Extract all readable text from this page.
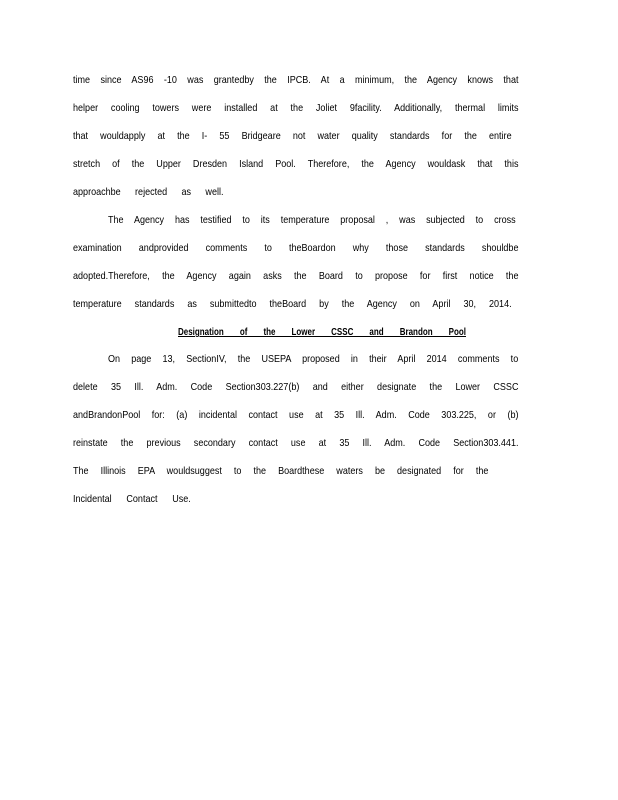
time since AS96 -10 was grantedby the IPCB. At a minimum, the Agency knows that
helper cooling towers were installed at the Joliet 9facility. Additionally, thermal limits
that wouldapply at the I- 55 Bridgeare not water quality standards for the entire
stretch of the Upper Dresden Island Pool. Therefore, the Agency wouldask that this
approachbe rejected as well.
The Agency has testified to its temperature proposal , was subjected to cross
examination andprovided comments to theBoardon why those standards shouldbe
adopted.Therefore, the Agency again asks the Board to propose for first notice the
temperature standards as submittedto theBoard by the Agency on April 30, 2014.
Designation of the Lower CSSC and Brandon Pool
On page 13, SectionIV, the USEPA proposed in their April 2014 comments to
delete 35 Ill. Adm. Code Section303.227(b) and either designate the Lower CSSC
andBrandonPool for: (a) incidental contact use at 35 Ill. Adm. Code 303.225, or (b)
reinstate the previous secondary contact use at 35 Ill. Adm. Code Section303.441.
The Illinois EPA wouldsuggest to the Boardthese waters be designated for the
Incidental Contact Use.
